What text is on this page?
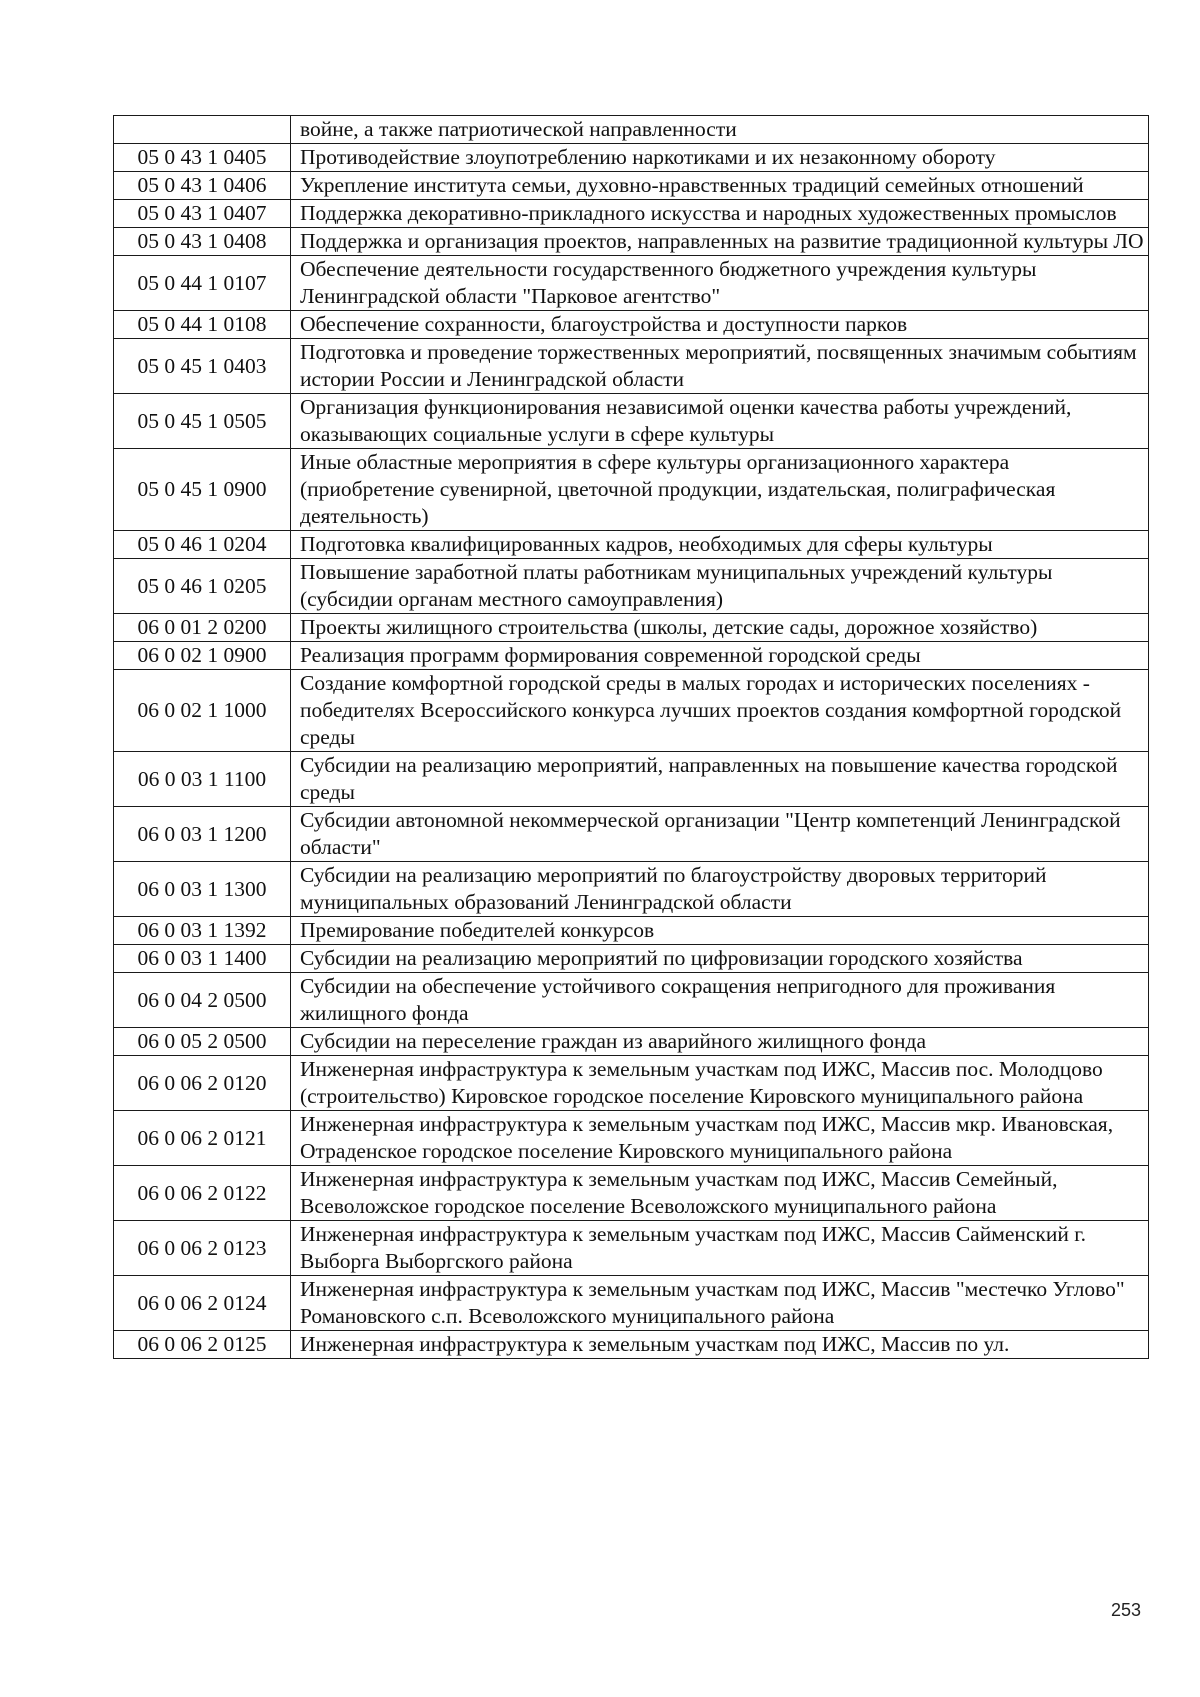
	войне, а также патриотической направленности
05 0 43 1 0405	Противодействие злоупотреблению наркотиками и их незаконному обороту
05 0 43 1 0406	Укрепление института семьи, духовно-нравственных традиций семейных отношений
05 0 43 1 0407	Поддержка декоративно-прикладного искусства и народных художественных промыслов
05 0 43 1 0408	Поддержка и организация проектов, направленных на развитие традиционной культуры ЛО
05 0 44 1 0107	Обеспечение деятельности государственного бюджетного учреждения культуры Ленинградской области "Парковое агентство"
05 0 44 1 0108	Обеспечение сохранности, благоустройства и доступности парков
05 0 45 1 0403	Подготовка и проведение торжественных мероприятий, посвященных значимым событиям истории России и Ленинградской области
05 0 45 1 0505	Организация функционирования независимой оценки качества работы учреждений, оказывающих социальные услуги в сфере культуры
05 0 45 1 0900	Иные областные мероприятия в сфере культуры организационного характера (приобретение сувенирной, цветочной продукции, издательская, полиграфическая деятельность)
05 0 46 1 0204	Подготовка квалифицированных кадров, необходимых для сферы культуры
05 0 46 1 0205	Повышение заработной платы работникам муниципальных учреждений культуры (субсидии органам местного самоуправления)
06 0 01 2 0200	Проекты жилищного строительства (школы, детские сады, дорожное хозяйство)
06 0 02 1 0900	Реализация программ формирования современной городской среды
06 0 02 1 1000	Создание комфортной городской среды в малых городах и исторических поселениях - победителях Всероссийского конкурса лучших проектов создания комфортной городской среды
06 0 03 1 1100	Субсидии на реализацию мероприятий, направленных на повышение качества городской среды
06 0 03 1 1200	Субсидии автономной некоммерческой организации "Центр компетенций Ленинградской области"
06 0 03 1 1300	Субсидии на реализацию мероприятий по благоустройству дворовых территорий муниципальных образований Ленинградской области
06 0 03 1 1392	Премирование победителей конкурсов
06 0 03 1 1400	Субсидии на реализацию мероприятий по цифровизации городского хозяйства
06 0 04 2 0500	Субсидии на обеспечение устойчивого сокращения непригодного для проживания жилищного фонда
06 0 05 2 0500	Субсидии на переселение граждан из аварийного жилищного фонда
06 0 06 2 0120	Инженерная инфраструктура к земельным участкам под ИЖС, Массив пос. Молодцово (строительство) Кировское городское поселение Кировского муниципального района
06 0 06 2 0121	Инженерная инфраструктура к земельным участкам под ИЖС, Массив мкр. Ивановская, Отраденское городское поселение Кировского муниципального района
06 0 06 2 0122	Инженерная инфраструктура к земельным участкам под ИЖС, Массив Семейный, Всеволожское городское поселение Всеволожского муниципального района
06 0 06 2 0123	Инженерная инфраструктура к земельным участкам под ИЖС, Массив Сайменский г. Выборга Выборгского района
06 0 06 2 0124	Инженерная инфраструктура к земельным участкам под ИЖС, Массив "местечко Углово" Романовского с.п. Всеволожского муниципального района
06 0 06 2 0125	Инженерная инфраструктура к земельным участкам под ИЖС, Массив по ул.
253
